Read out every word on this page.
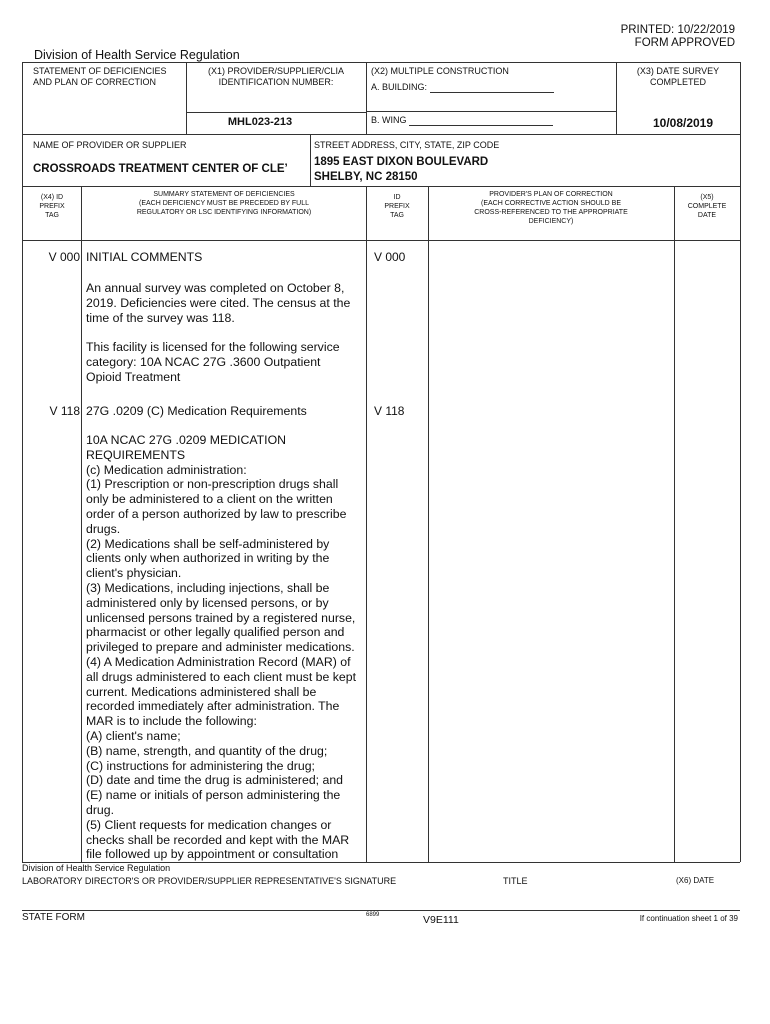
PRINTED: 10/22/2019
FORM APPROVED
Division of Health Service Regulation
STATEMENT OF DEFICIENCIES
AND PLAN OF CORRECTION
(X1) PROVIDER/SUPPLIER/CLIA
IDENTIFICATION NUMBER:
MHL023-213
(X2) MULTIPLE CONSTRUCTION
A. BUILDING:
B. WING
(X3) DATE SURVEY
COMPLETED
10/08/2019
NAME OF PROVIDER OR SUPPLIER
CROSSROADS TREATMENT CENTER OF CLEʼ
STREET ADDRESS, CITY, STATE, ZIP CODE
1895 EAST DIXON BOULEVARD
SHELBY, NC 28150
(X4) ID
PREFIX
TAG
SUMMARY STATEMENT OF DEFICIENCIES
(EACH DEFICIENCY MUST BE PRECEDED BY FULL
REGULATORY OR LSC IDENTIFYING INFORMATION)
ID
PREFIX
TAG
PROVIDER'S PLAN OF CORRECTION
(EACH CORRECTIVE ACTION SHOULD BE
CROSS-REFERENCED TO THE APPROPRIATE
DEFICIENCY)
(X5)
COMPLETE
DATE
V 000 INITIAL COMMENTS	V 000
An annual survey was completed on October 8,
2019. Deficiencies were cited. The census at the
time of the survey was 118.
This facility is licensed for the following service
category: 10A NCAC 27G .3600 Outpatient
Opioid Treatment
V 118 27G .0209 (C) Medication Requirements	V 118
10A NCAC 27G .0209 MEDICATION
REQUIREMENTS
(c) Medication administration:
(1) Prescription or non-prescription drugs shall
only be administered to a client on the written
order of a person authorized by law to prescribe
drugs.
(2) Medications shall be self-administered by
clients only when authorized in writing by the
client's physician.
(3) Medications, including injections, shall be
administered only by licensed persons, or by
unlicensed persons trained by a registered nurse,
pharmacist or other legally qualified person and
privileged to prepare and administer medications.
(4) A Medication Administration Record (MAR) of
all drugs administered to each client must be kept
current. Medications administered shall be
recorded immediately after administration. The
MAR is to include the following:
(A) client's name;
(B) name, strength, and quantity of the drug;
(C) instructions for administering the drug;
(D) date and time the drug is administered; and
(E) name or initials of person administering the
drug.
(5) Client requests for medication changes or
checks shall be recorded and kept with the MAR
file followed up by appointment or consultation
Division of Health Service Regulation
LABORATORY DIRECTOR'S OR PROVIDER/SUPPLIER REPRESENTATIVE'S SIGNATURE	TITLE	(X6) DATE
STATE FORM	6899	V9E111	If continuation sheet 1 of 39
